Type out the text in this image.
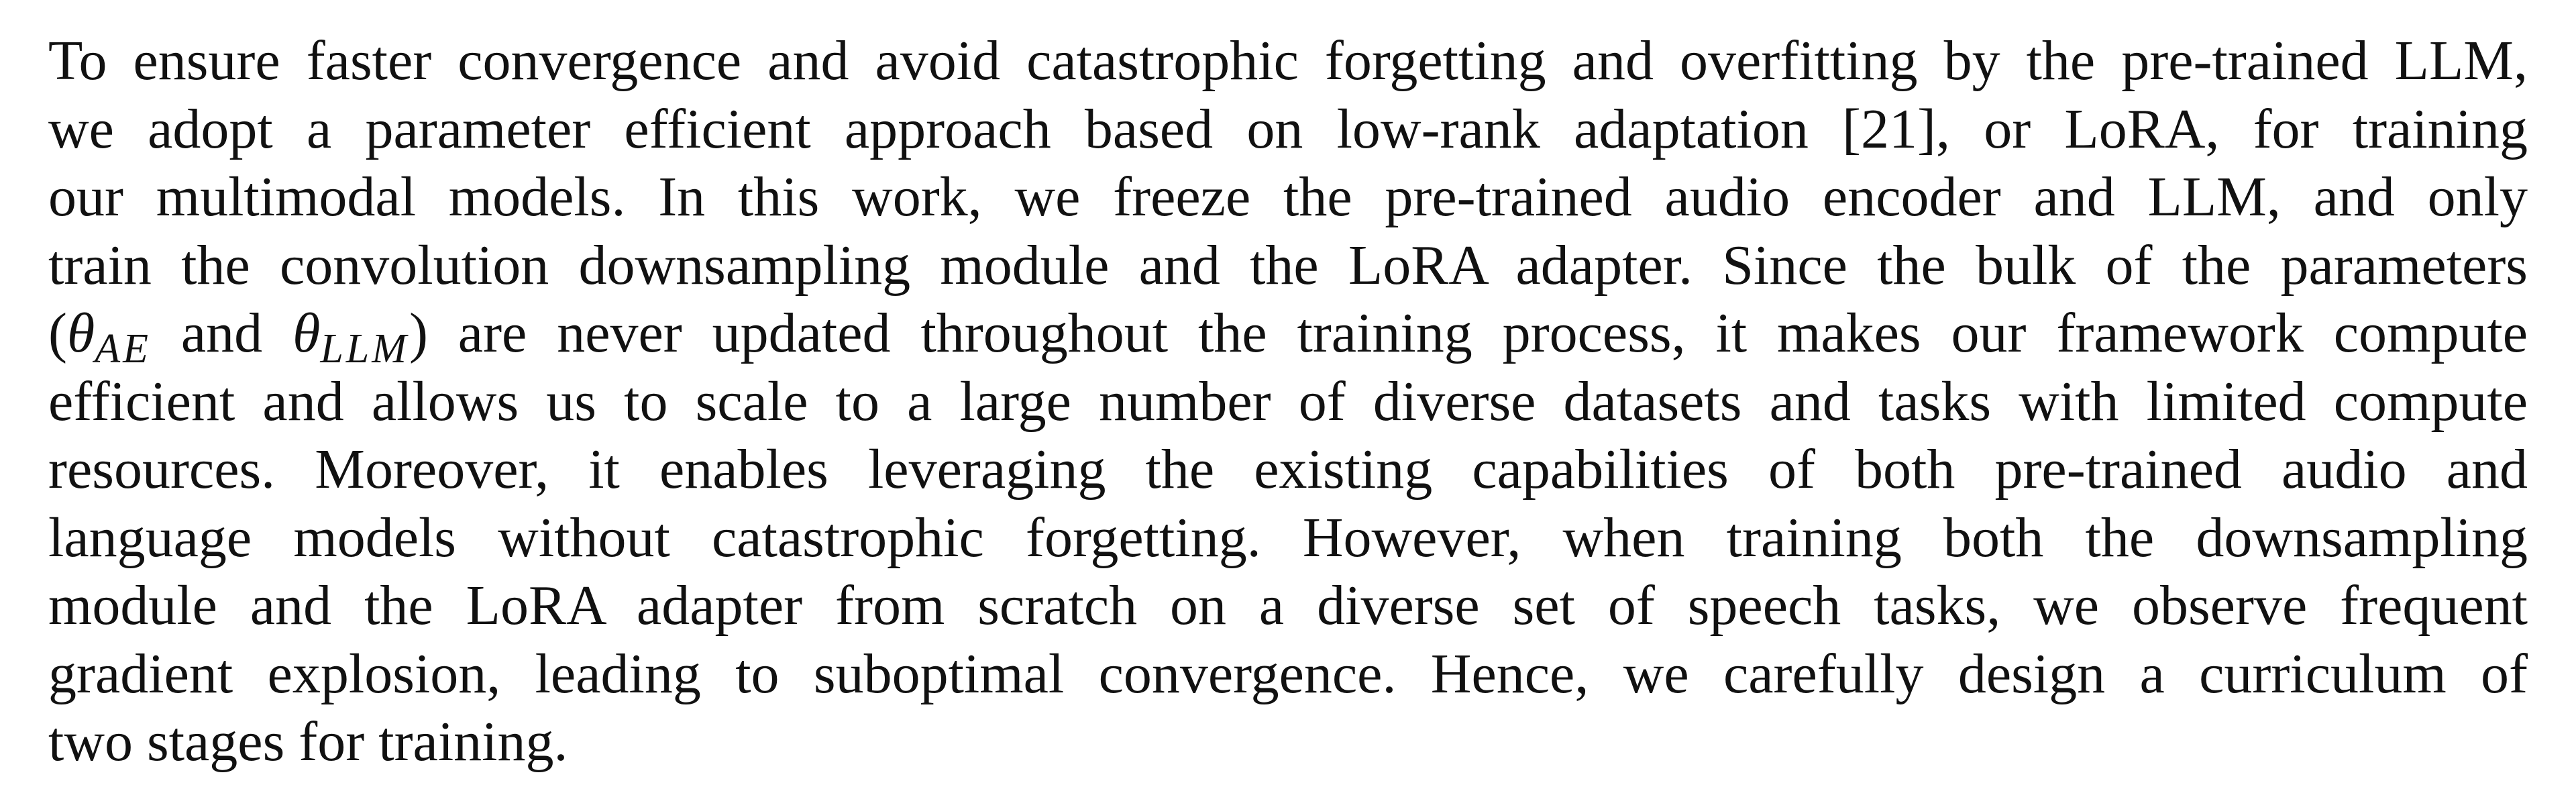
To ensure faster convergence and avoid catastrophic forgetting and overfitting by the pre-trained LLM,
we adopt a parameter efficient approach based on low-rank adaptation [21], or LoRA, for training
our multimodal models. In this work, we freeze the pre-trained audio encoder and LLM, and only
train the convolution downsampling module and the LoRA adapter. Since the bulk of the parameters
(θAE and θLLM) are never updated throughout the training process, it makes our framework compute
efficient and allows us to scale to a large number of diverse datasets and tasks with limited compute
resources. Moreover, it enables leveraging the existing capabilities of both pre-trained audio and
language models without catastrophic forgetting. However, when training both the downsampling
module and the LoRA adapter from scratch on a diverse set of speech tasks, we observe frequent
gradient explosion, leading to suboptimal convergence. Hence, we carefully design a curriculum of
two stages for training.
